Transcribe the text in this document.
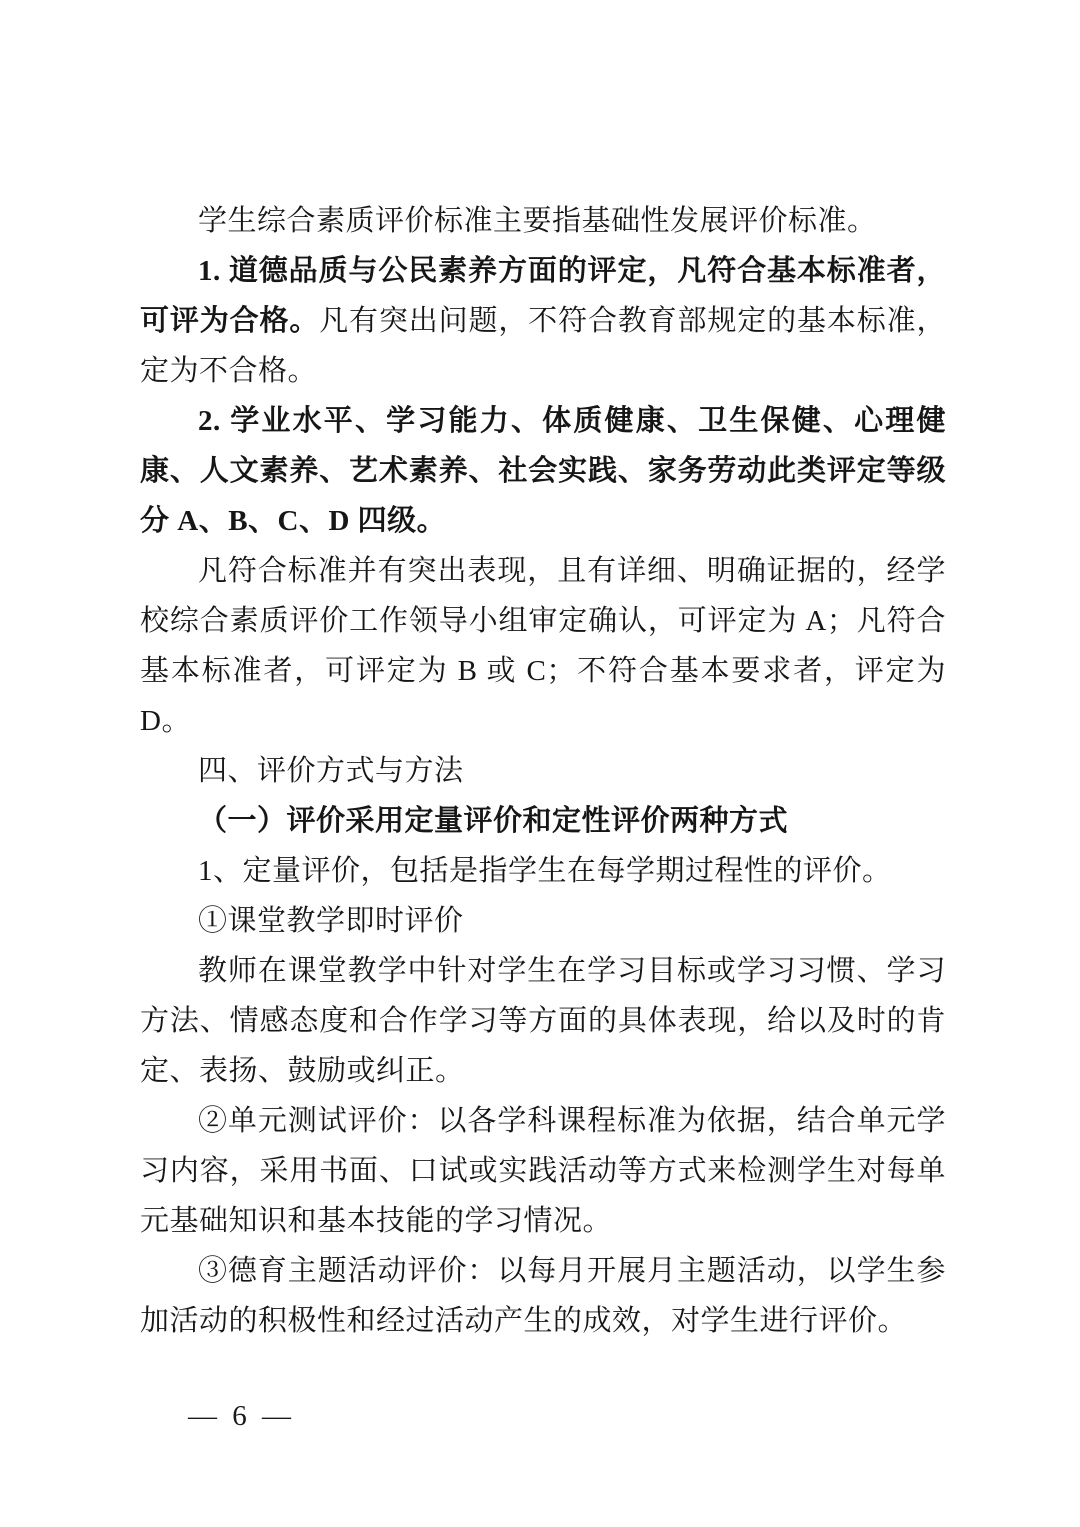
学生综合素质评价标准主要指基础性发展评价标准。

1. 道德品质与公民素养方面的评定，凡符合基本标准者，可评为合格。凡有突出问题，不符合教育部规定的基本标准，定为不合格。

2. 学业水平、学习能力、体质健康、卫生保健、心理健康、人文素养、艺术素养、社会实践、家务劳动此类评定等级分 A、B、C、D 四级。

凡符合标准并有突出表现，且有详细、明确证据的，经学校综合素质评价工作领导小组审定确认，可评定为 A；凡符合基本标准者，可评定为 B 或 C；不符合基本要求者，评定为 D。

四、评价方式与方法

（一）评价采用定量评价和定性评价两种方式

1、定量评价，包括是指学生在每学期过程性的评价。

①课堂教学即时评价

教师在课堂教学中针对学生在学习目标或学习习惯、学习方法、情感态度和合作学习等方面的具体表现，给以及时的肯定、表扬、鼓励或纠正。

②单元测试评价：以各学科课程标准为依据，结合单元学习内容，采用书面、口试或实践活动等方式来检测学生对每单元基础知识和基本技能的学习情况。

③德育主题活动评价：以每月开展月主题活动，以学生参加活动的积极性和经过活动产生的成效，对学生进行评价。

— 6 —
